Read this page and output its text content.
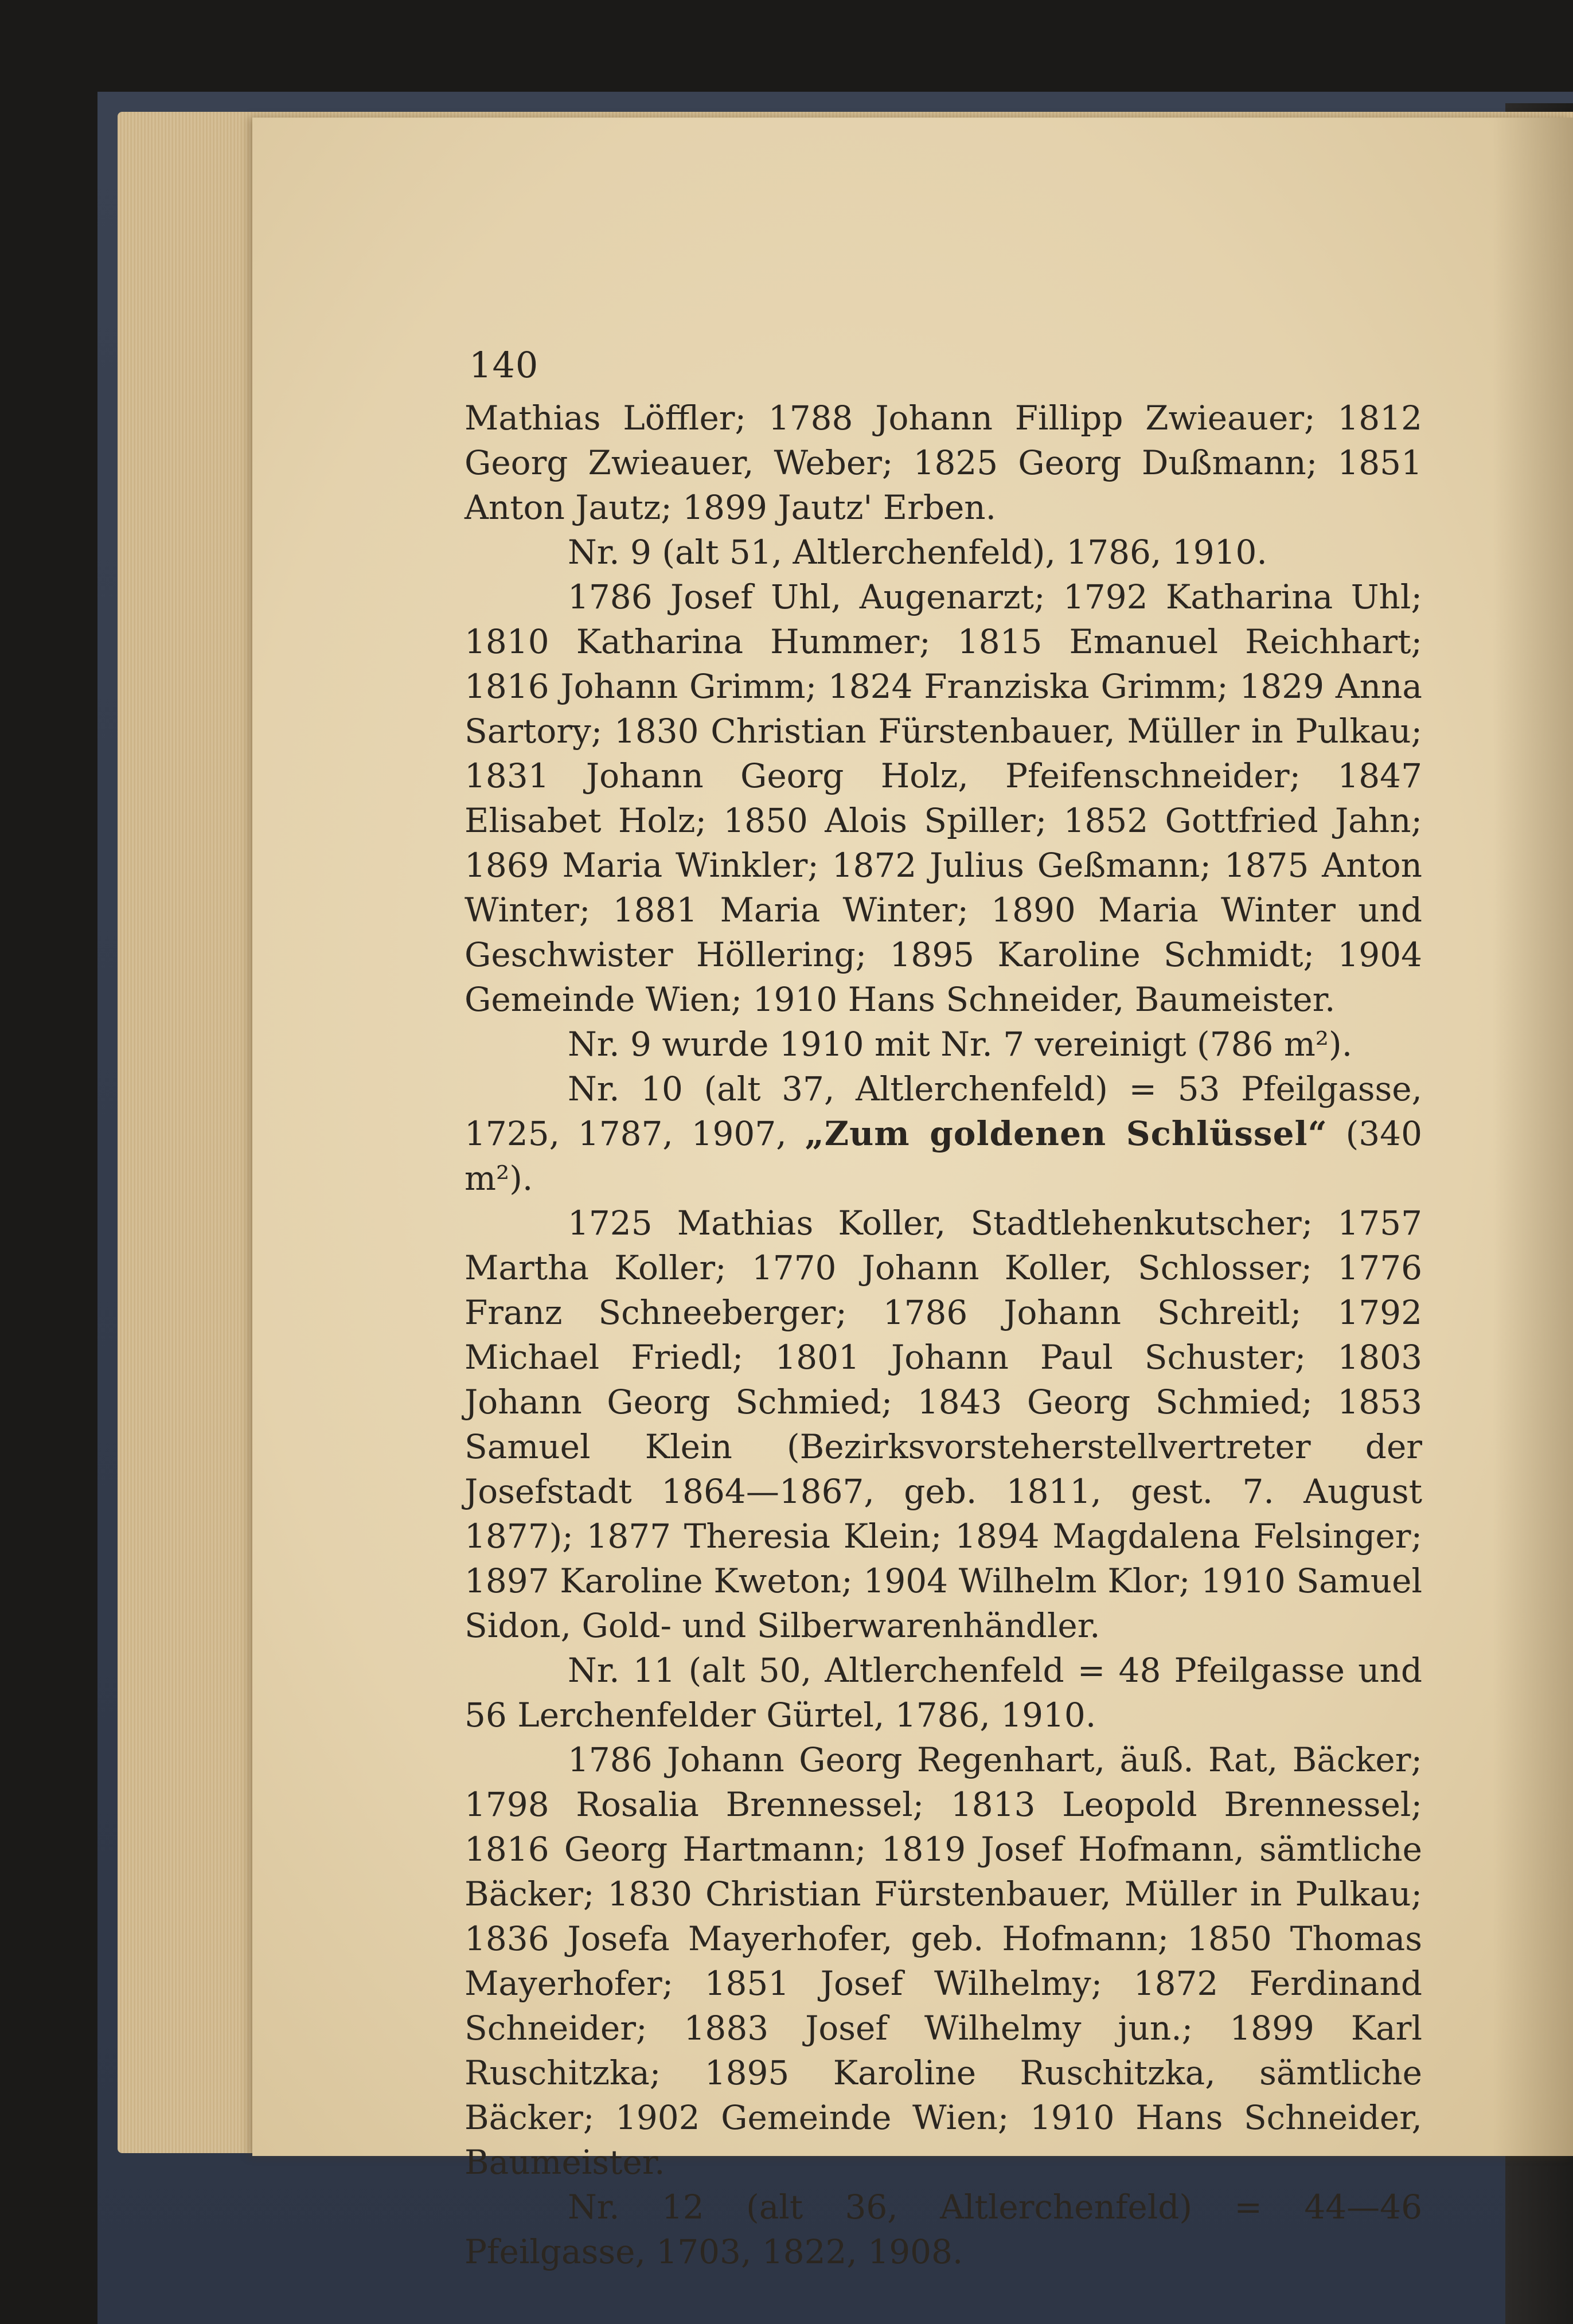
140

Mathias Löffler; 1788 Johann Fillipp Zwieauer; 1812 Georg Zwieauer, Weber; 1825 Georg Dußmann; 1851 Anton Jautz; 1899 Jautz' Erben.

Nr. 9 (alt 51, Altlerchenfeld), 1786, 1910.

1786 Josef Uhl, Augenarzt; 1792 Katharina Uhl; 1810 Katharina Hummer; 1815 Emanuel Reichhart; 1816 Johann Grimm; 1824 Franziska Grimm; 1829 Anna Sartory; 1830 Christian Fürstenbauer, Müller in Pulkau; 1831 Johann Georg Holz, Pfeifenschneider; 1847 Elisabet Holz; 1850 Alois Spiller; 1852 Gottfried Jahn; 1869 Maria Winkler; 1872 Julius Geßmann; 1875 Anton Winter; 1881 Maria Winter; 1890 Maria Winter und Geschwister Höllering; 1895 Karoline Schmidt; 1904 Gemeinde Wien; 1910 Hans Schneider, Baumeister.

Nr. 9 wurde 1910 mit Nr. 7 vereinigt (786 m²).

Nr. 10 (alt 37, Altlerchenfeld) = 53 Pfeilgasse, 1725, 1787, 1907, „Zum goldenen Schlüssel“ (340 m²).

1725 Mathias Koller, Stadtlehenkutscher; 1757 Martha Koller; 1770 Johann Koller, Schlosser; 1776 Franz Schneeberger; 1786 Johann Schreitl; 1792 Michael Friedl; 1801 Johann Paul Schuster; 1803 Johann Georg Schmied; 1843 Georg Schmied; 1853 Samuel Klein (Bezirksvorsteherstellvertreter der Josefstadt 1864—1867, geb. 1811, gest. 7. August 1877); 1877 Theresia Klein; 1894 Magdalena Felsinger; 1897 Karoline Kweton; 1904 Wilhelm Klor; 1910 Samuel Sidon, Gold- und Silberwarenhändler.

Nr. 11 (alt 50, Altlerchenfeld = 48 Pfeilgasse und 56 Lerchenfelder Gürtel, 1786, 1910.

1786 Johann Georg Regenhart, äuß. Rat, Bäcker; 1798 Rosalia Brennessel; 1813 Leopold Brennessel; 1816 Georg Hartmann; 1819 Josef Hofmann, sämtliche Bäcker; 1830 Christian Fürstenbauer, Müller in Pulkau; 1836 Josefa Mayerhofer, geb. Hofmann; 1850 Thomas Mayerhofer; 1851 Josef Wilhelmy; 1872 Ferdinand Schneider; 1883 Josef Wilhelmy jun.; 1899 Karl Ruschitzka; 1895 Karoline Ruschitzka, sämtliche Bäcker; 1902 Gemeinde Wien; 1910 Hans Schneider, Baumeister.

Nr. 12 (alt 36, Altlerchenfeld) = 44—46 Pfeilgasse, 1703, 1822, 1908.
